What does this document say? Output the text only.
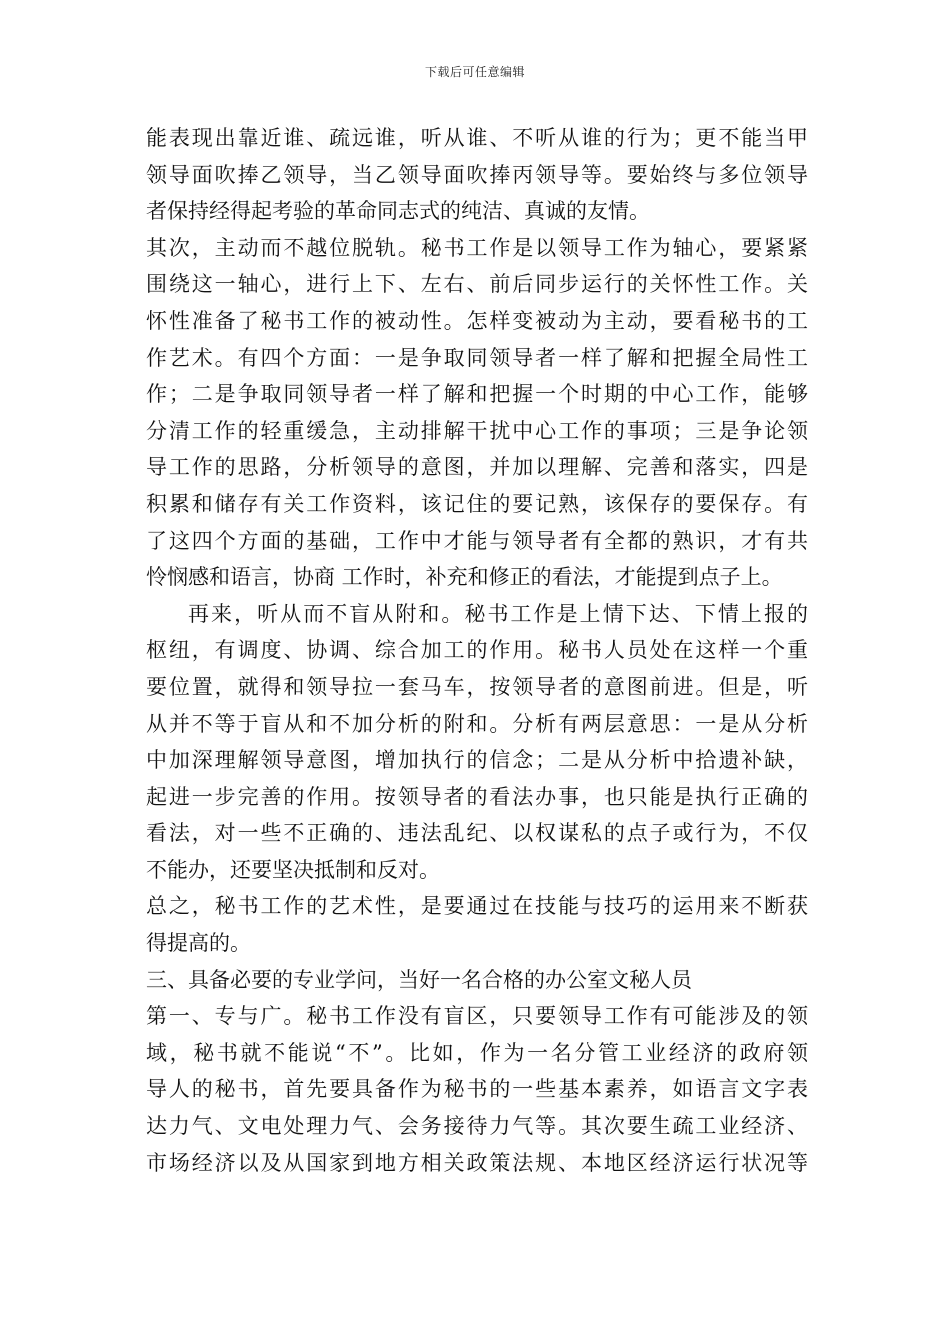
下载后可任意编辑
能表现出靠近谁、疏远谁，听从谁、不听从谁的行为；更不能当甲
领导面吹捧乙领导，当乙领导面吹捧丙领导等。要始终与多位领导
者保持经得起考验的革命同志式的纯洁、真诚的友情。
其次，主动而不越位脱轨。秘书工作是以领导工作为轴心，要紧紧
围绕这一轴心，进行上下、左右、前后同步运行的关怀性工作。关
怀性准备了秘书工作的被动性。怎样变被动为主动，要看秘书的工
作艺术。有四个方面：一是争取同领导者一样了解和把握全局性工
作；二是争取同领导者一样了解和把握一个时期的中心工作，能够
分清工作的轻重缓急，主动排解干扰中心工作的事项；三是争论领
导工作的思路，分析领导的意图，并加以理解、完善和落实，四是
积累和储存有关工作资料，该记住的要记熟，该保存的要保存。有
了这四个方面的基础，工作中才能与领导者有全都的熟识，才有共
怜悯感和语言，协商 工作时，补充和修正的看法，才能提到点子上。
再来，听从而不盲从附和。秘书工作是上情下达、下情上报的
枢纽，有调度、协调、综合加工的作用。秘书人员处在这样一个重
要位置，就得和领导拉一套马车，按领导者的意图前进。但是，听
从并不等于盲从和不加分析的附和。分析有两层意思：一是从分析
中加深理解领导意图，增加执行的信念；二是从分析中拾遗补缺，
起进一步完善的作用。按领导者的看法办事，也只能是执行正确的
看法，对一些不正确的、违法乱纪、以权谋私的点子或行为，不仅
不能办，还要坚决抵制和反对。
总之，秘书工作的艺术性，是要通过在技能与技巧的运用来不断获
得提高的。
三、具备必要的专业学问，当好一名合格的办公室文秘人员
第一、专与广。秘书工作没有盲区，只要领导工作有可能涉及的领
域，秘书就不能说“不”。比如，作为一名分管工业经济的政府领
导人的秘书，首先要具备作为秘书的一些基本素养，如语言文字表
达力气、文电处理力气、会务接待力气等。其次要生疏工业经济、
市场经济以及从国家到地方相关政策法规、本地区经济运行状况等
